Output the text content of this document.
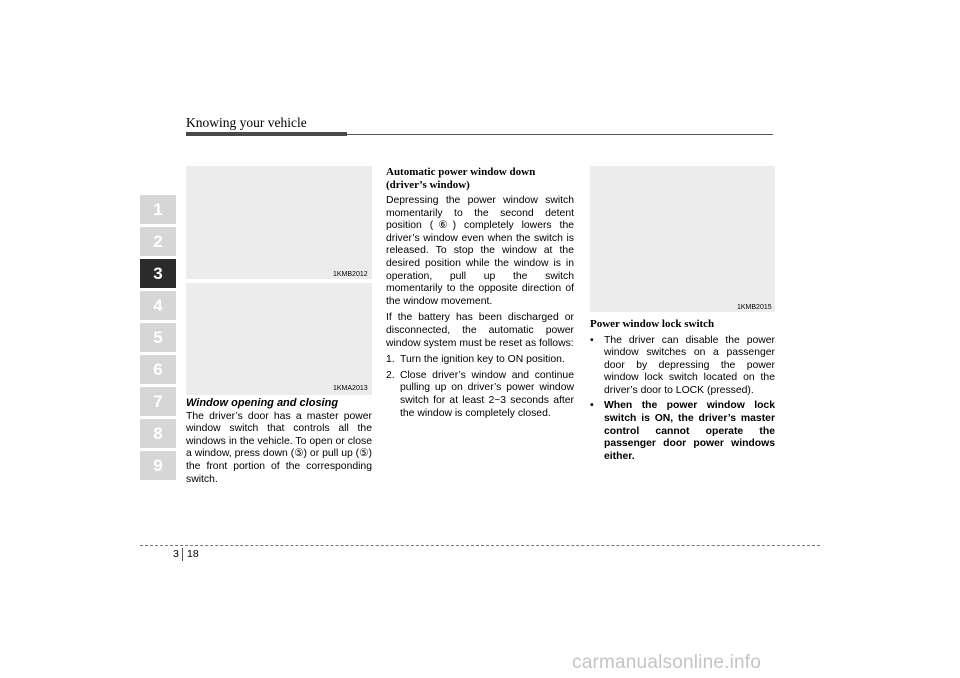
Knowing your vehicle
1
2
3
4
5
6
7
8
9
1KMB2012
1KMA2013
1KMB2015
Window opening and closing

The driver’s door has a master power window switch that controls all the windows in the vehicle. To open or close a window, press down (⑤) or pull up (⑤) the front portion of the corresponding switch.

Automatic power window down (driver’s window)

Depressing the power window switch momentarily to the second detent position (⑥) completely lowers the driver’s window even when the switch is released. To stop the window at the desired position while the window is in operation, pull up the switch momentarily to the opposite direction of the window movement.

If the battery has been discharged or disconnected, the automatic power window system must be reset as follows:

1. Turn the ignition key to ON position.
2. Close driver’s window and continue pulling up on driver’s power window switch for at least 2~3 seconds after the window is completely closed.
Power window lock switch
• The driver can disable the power window switches on a passenger door by depressing the power window lock switch located on the driver’s door to LOCK (pressed).
• When the power window lock switch is ON, the driver’s master control cannot operate the passenger door power windows either.
3 18
carmanualsonline.info
